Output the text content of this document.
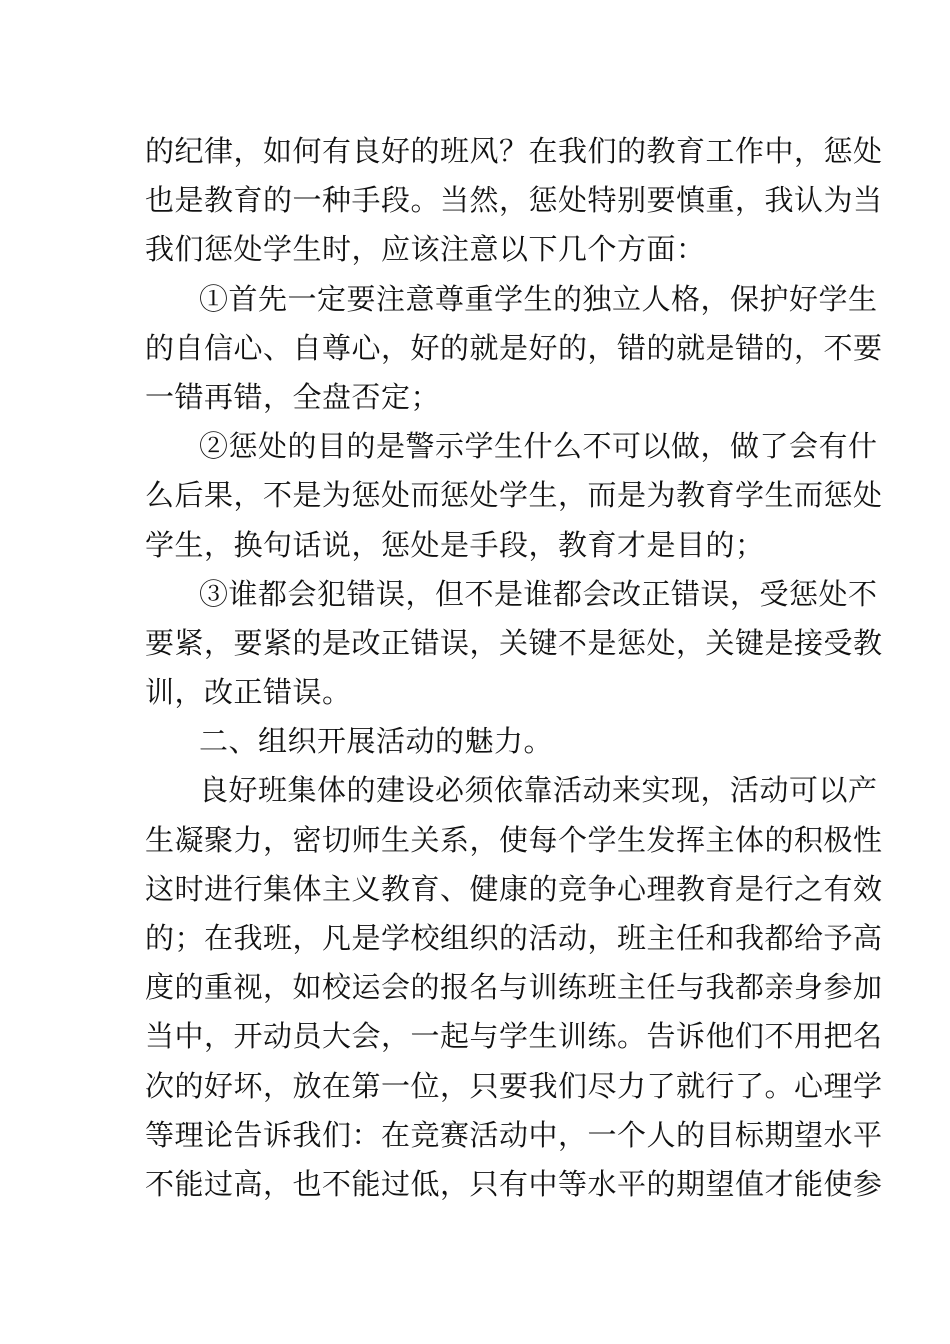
的纪律，如何有良好的班风？在我们的教育工作中，惩处
也是教育的一种手段。当然，惩处特别要慎重，我认为当
我们惩处学生时，应该注意以下几个方面：
①首先一定要注意尊重学生的独立人格，保护好学生
的自信心、自尊心，好的就是好的，错的就是错的，不要
一错再错，全盘否定；
②惩处的目的是警示学生什么不可以做，做了会有什
么后果，不是为惩处而惩处学生，而是为教育学生而惩处
学生，换句话说，惩处是手段，教育才是目的；
③谁都会犯错误，但不是谁都会改正错误，受惩处不
要紧，要紧的是改正错误，关键不是惩处，关键是接受教
训，改正错误。
二、组织开展活动的魅力。
良好班集体的建设必须依靠活动来实现，活动可以产
生凝聚力，密切师生关系，使每个学生发挥主体的积极性
这时进行集体主义教育、健康的竞争心理教育是行之有效
的；在我班，凡是学校组织的活动，班主任和我都给予高
度的重视，如校运会的报名与训练班主任与我都亲身参加
当中，开动员大会，一起与学生训练。告诉他们不用把名
次的好坏，放在第一位，只要我们尽力了就行了。心理学
等理论告诉我们：在竞赛活动中，一个人的目标期望水平
不能过高，也不能过低，只有中等水平的期望值才能使参
